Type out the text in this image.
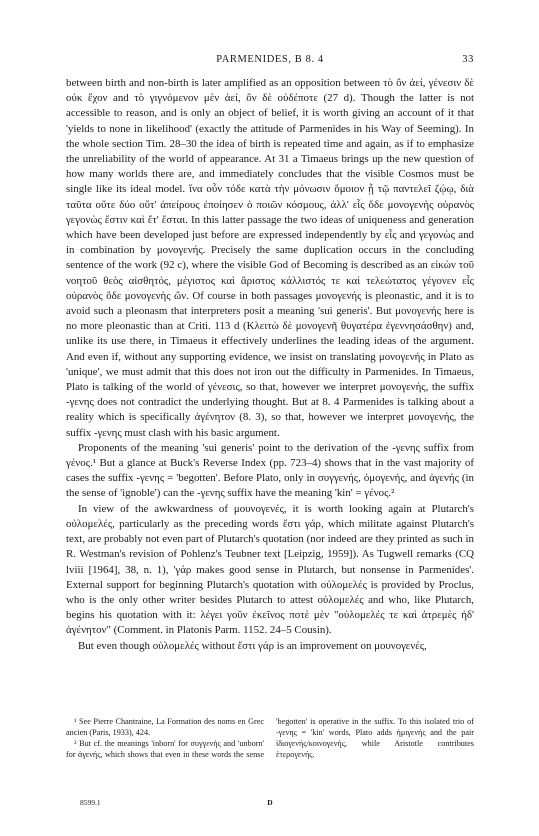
PARMENIDES, B 8. 4	33

between birth and non-birth is later amplified as an opposition between τὸ ὂν ἀεί, γένεσιν δὲ οὐκ ἔχον and τὸ γιγνόμενον μὲν ἀεί, ὂν δὲ οὐδέποτε (27 d). Though the latter is not accessible to reason, and is only an object of belief, it is worth giving an account of it that 'yields to none in likelihood' (exactly the attitude of Parmenides in his Way of Seeming). In the whole section Tim. 28–30 the idea of birth is repeated time and again, as if to emphasize the unreliability of the world of appearance. At 31 a Timaeus brings up the new question of how many worlds there are, and immediately concludes that the visible Cosmos must be single like its ideal model. ἵνα οὖν τόδε κατὰ τὴν μόνωσιν ὅμοιον ᾖ τῷ παντελεῖ ζῴῳ, διὰ ταῦτα οὔτε δύο οὔτ' ἀπείρους ἐποίησεν ὁ ποιῶν κόσμους, ἀλλ' εἷς ὅδε μονογενὴς οὐρανὸς γεγονὼς ἔστιν καὶ ἔτ' ἔσται. In this latter passage the two ideas of uniqueness and generation which have been developed just before are expressed independently by εἷς and γεγονὼς and in combination by μονογενής. Precisely the same duplication occurs in the concluding sentence of the work (92 c), where the visible God of Becoming is described as an εἰκὼν τοῦ νοητοῦ θεὸς αἰσθητός, μέγιστος καὶ ἄριστος κάλλιστός τε καὶ τελεώτατος γέγονεν εἷς οὐρανὸς ὅδε μονογενὴς ὤν. Of course in both passages μονογενής is pleonastic, and it is to avoid such a pleonasm that interpreters posit a meaning 'sui generis'. But μονογενής here is no more pleonastic than at Criti. 113 d (Κλειτὼ δὲ μονογενῆ θυγατέρα ἐγεννησάσθην) and, unlike its use there, in Timaeus it effectively underlines the leading ideas of the argument. And even if, without any supporting evidence, we insist on translating μονογενής in Plato as 'unique', we must admit that this does not iron out the difficulty in Parmenides. In Timaeus, Plato is talking of the world of γένεσις, so that, however we interpret μονογενής, the suffix -γενης does not contradict the underlying thought. But at 8. 4 Parmenides is talking about a reality which is specifically ἀγένητον (8. 3), so that, however we interpret μονογενής, the suffix -γενης must clash with his basic argument.

Proponents of the meaning 'sui generis' point to the derivation of the -γενης suffix from γένος.¹ But a glance at Buck's Reverse Index (pp. 723–4) shows that in the vast majority of cases the suffix -γενης = 'begotten'. Before Plato, only in συγγενής, ὁμογενής, and ἀγενής (in the sense of 'ignoble') can the -γενης suffix have the meaning 'kin' = γένος.²

In view of the awkwardness of μουνογενές, it is worth looking again at Plutarch's οὐλομελές, particularly as the preceding words ἔστι γάρ, which militate against Plutarch's text, are probably not even part of Plutarch's quotation (nor indeed are they printed as such in R. Westman's revision of Pohlenz's Teubner text [Leipzig, 1959]). As Tugwell remarks (CQ lviii [1964], 38, n. 1), 'γάρ makes good sense in Plutarch, but nonsense in Parmenides'. External support for beginning Plutarch's quotation with οὐλομελές is provided by Proclus, who is the only other writer besides Plutarch to attest οὐλομελές and who, like Plutarch, begins his quotation with it: λέγει γοῦν ἐκεῖνος ποτὲ μὲν "οὐλομελές τε καὶ ἀτρεμὲς ἠδ' ἀγένητον" (Comment. in Platonis Parm. 1152. 24–5 Cousin).

But even though οὐλομελές without ἔστι γάρ is an improvement on μουνογενές,

¹ See Pierre Chantraine, La Formation des noms en Grec ancien (Paris, 1933), 424.

² But cf. the meanings 'inborn' for συγγενής and 'unborn' for ἀγενής, which shows that even in these words the sense 'begotten' is operative in the suffix. To this isolated trio of -γενης = 'kin' words, Plato adds ἡμιγενής and the pair ἰδιογενής/κοινογενής, while Aristotle contributes ἑτερογενής.

8599.1	D
